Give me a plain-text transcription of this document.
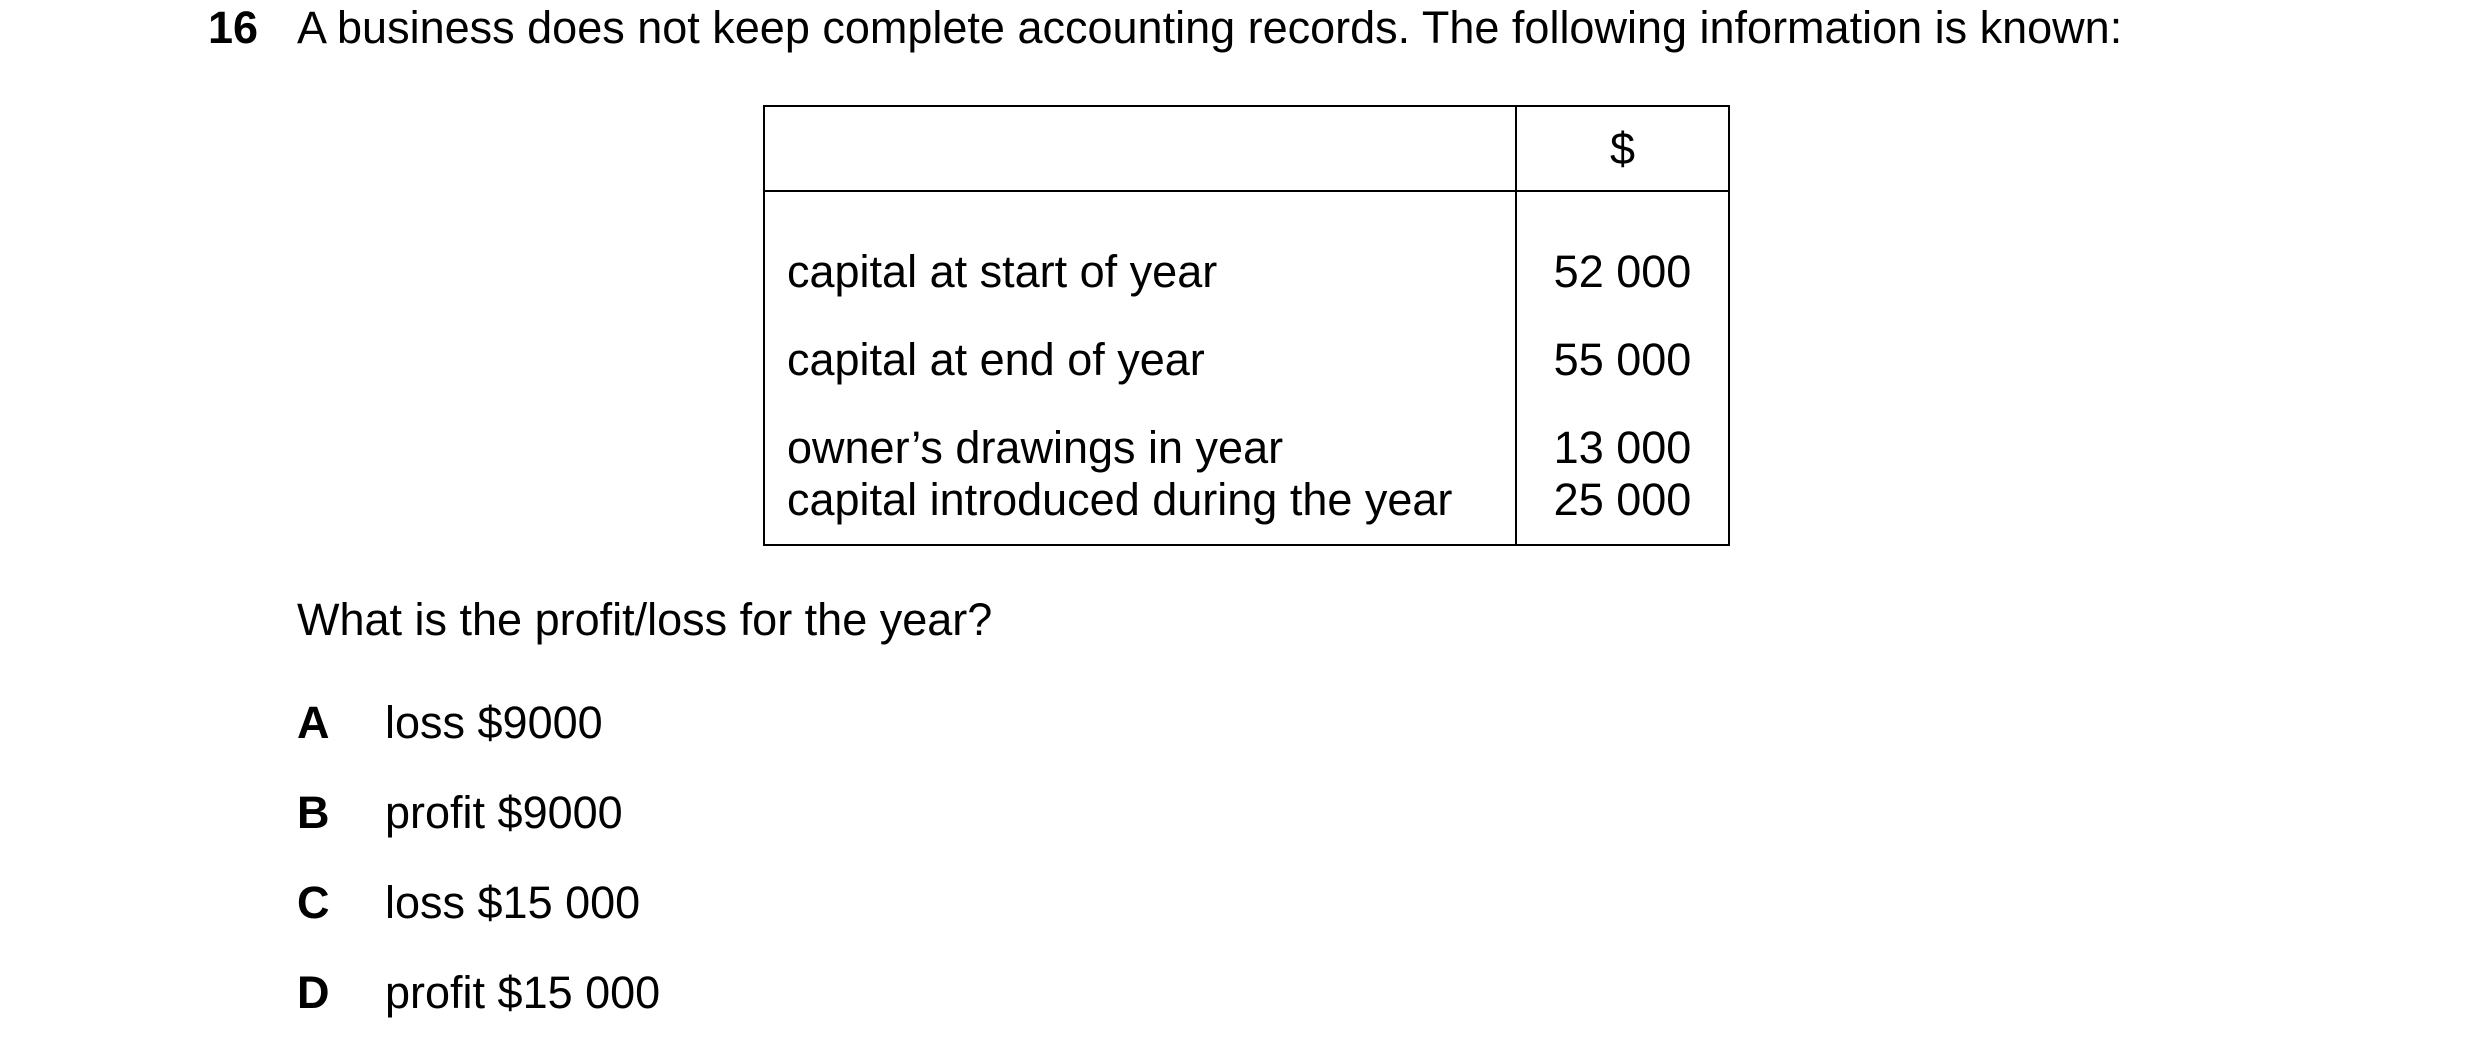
16 A business does not keep complete accounting records. The following information is known:
	$
capital at start of year	52 000
capital at end of year	55 000
owner’s drawings in year	13 000
capital introduced during the year	25 000
What is the profit/loss for the year?
A loss $9000
B profit $9000
C loss $15 000
D profit $15 000
